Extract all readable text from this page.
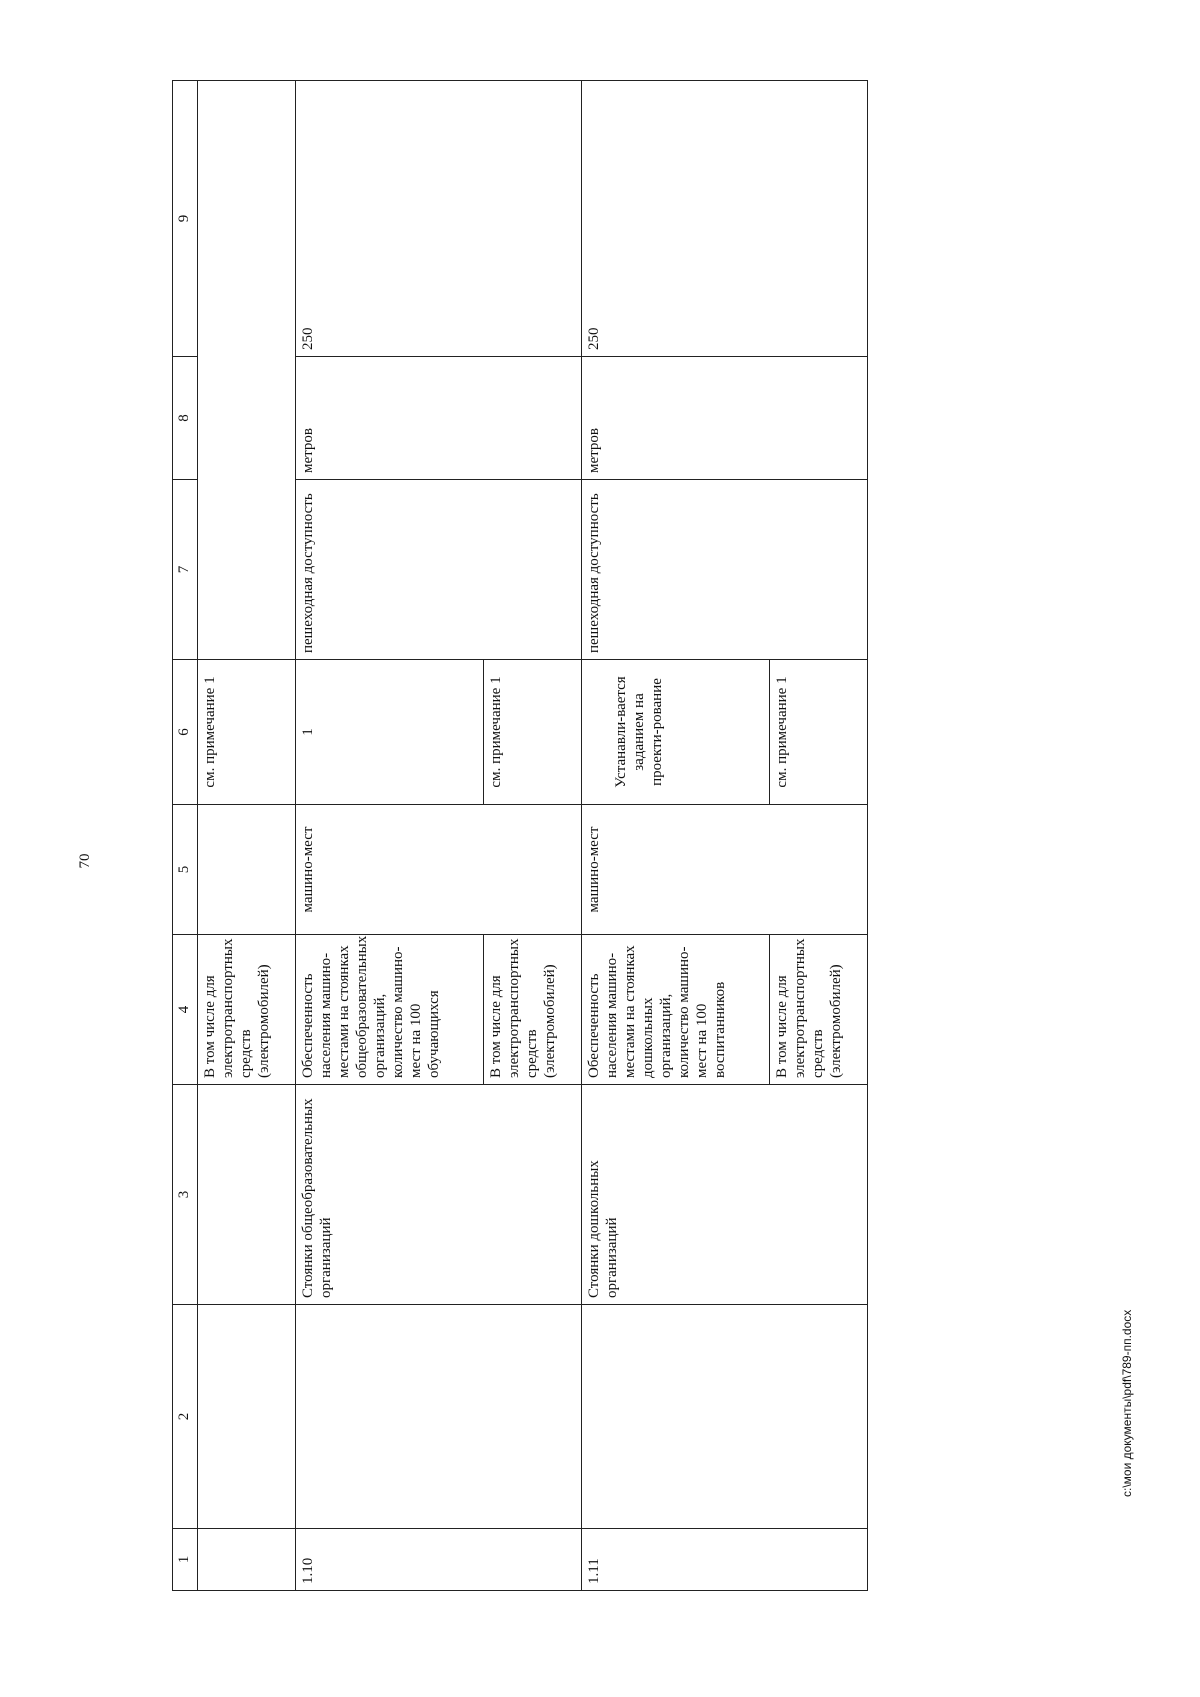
70
1	2	3	4	5	6	7	8	9
			В том числе для электротранспортных средств (электромобилей)		см. примечание 1			
1.10		Стоянки общеобразовательных организаций	Обеспеченность населения машино-местами на стоянках общеобразовательных организаций, количество машино-мест на 100 обучающихся	машино-мест	1	пешеходная доступность	метров	250
			В том числе для электротранспортных средств (электромобилей)		см. примечание 1			
1.11		Стоянки дошкольных организаций	Обеспеченность населения машино-местами на стоянках дошкольных организаций, количество машино-мест на 100 воспитанников	машино-мест	Устанавли-вается заданием на проекти-рование	пешеходная доступность	метров	250
			В том числе для электротранспортных средств (электромобилей)		см. примечание 1			
c:\мои документы\pdf\789-пп.docx
